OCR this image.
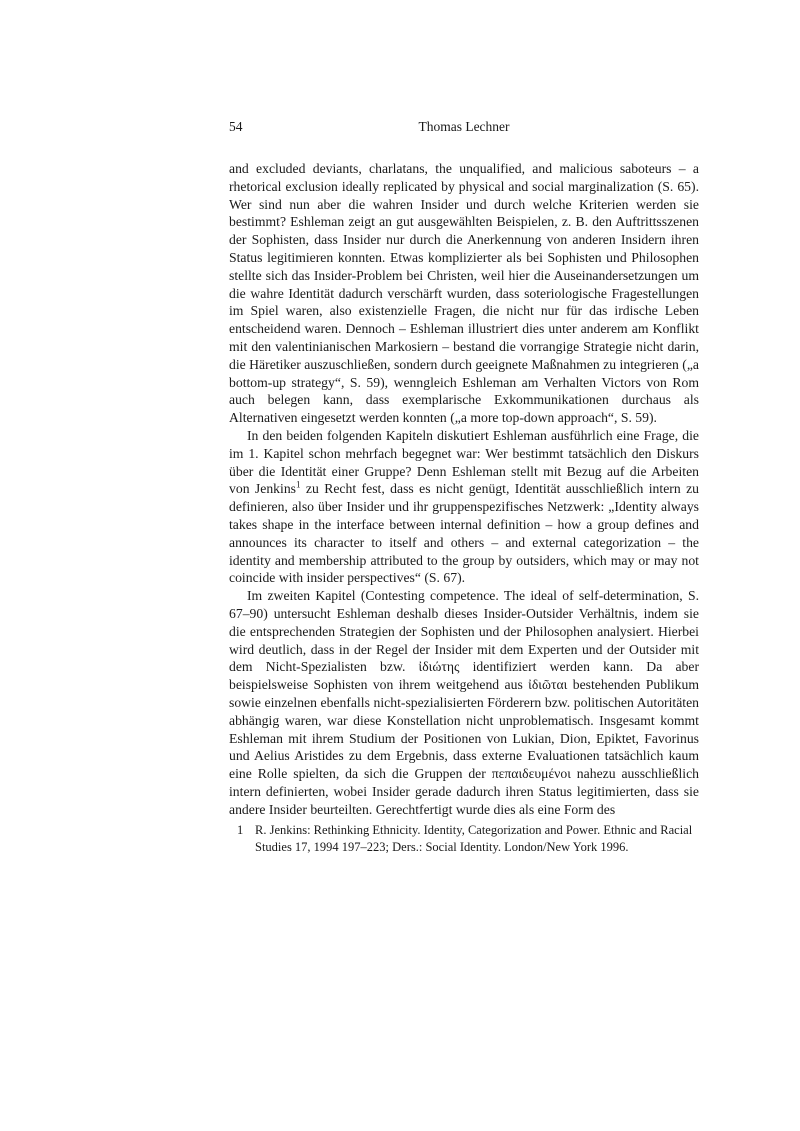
54	Thomas Lechner

and excluded deviants, charlatans, the unqualified, and malicious saboteurs – a rhetorical exclusion ideally replicated by physical and social marginalization (S. 65). Wer sind nun aber die wahren Insider und durch welche Kriterien werden sie bestimmt? Eshleman zeigt an gut ausgewählten Beispielen, z. B. den Auftrittsszenen der Sophisten, dass Insider nur durch die Anerkennung von anderen Insidern ihren Status legitimieren konnten. Etwas komplizierter als bei Sophisten und Philosophen stellte sich das Insider-Problem bei Christen, weil hier die Auseinandersetzungen um die wahre Identität dadurch verschärft wurden, dass soteriologische Fragestellungen im Spiel waren, also existenzielle Fragen, die nicht nur für das irdische Leben entscheidend waren. Dennoch – Eshleman illustriert dies unter anderem am Konflikt mit den valentinianischen Markosiern – bestand die vorrangige Strategie nicht darin, die Häretiker auszuschließen, sondern durch geeignete Maßnahmen zu integrieren („a bottom-up strategy“, S. 59), wenngleich Eshleman am Verhalten Victors von Rom auch belegen kann, dass exemplarische Exkommunikationen durchaus als Alternativen eingesetzt werden konnten („a more top-down approach“, S. 59).

In den beiden folgenden Kapiteln diskutiert Eshleman ausführlich eine Frage, die im 1. Kapitel schon mehrfach begegnet war: Wer bestimmt tatsächlich den Diskurs über die Identität einer Gruppe? Denn Eshleman stellt mit Bezug auf die Arbeiten von Jenkins$^1$ zu Recht fest, dass es nicht genügt, Identität ausschließlich intern zu definieren, also über Insider und ihr gruppenspezifisches Netzwerk: „Identity always takes shape in the interface between internal definition – how a group defines and announces its character to itself and others – and external categorization – the identity and membership attributed to the group by outsiders, which may or may not coincide with insider perspectives“ (S. 67).

Im zweiten Kapitel (Contesting competence. The ideal of self-determination, S. 67–90) untersucht Eshleman deshalb dieses Insider-Outsider Verhältnis, indem sie die entsprechenden Strategien der Sophisten und der Philosophen analysiert. Hierbei wird deutlich, dass in der Regel der Insider mit dem Experten und der Outsider mit dem Nicht-Spezialisten bzw. ἰδιώτης identifiziert werden kann. Da aber beispielsweise Sophisten von ihrem weitgehend aus ἰδιῶται bestehenden Publikum sowie einzelnen ebenfalls nicht-spezialisierten Förderern bzw. politischen Autoritäten abhängig waren, war diese Konstellation nicht unproblematisch. Insgesamt kommt Eshleman mit ihrem Studium der Positionen von Lukian, Dion, Epiktet, Favorinus und Aelius Aristides zu dem Ergebnis, dass externe Evaluationen tatsächlich kaum eine Rolle spielten, da sich die Gruppen der πεπαιδευμένοι nahezu ausschließlich intern definierten, wobei Insider gerade dadurch ihren Status legitimierten, dass sie andere Insider beurteilten. Gerechtfertigt wurde dies als eine Form des

1 R. Jenkins: Rethinking Ethnicity. Identity, Categorization and Power. Ethnic and Racial Studies 17, 1994 197–223; Ders.: Social Identity. London/New York 1996.
